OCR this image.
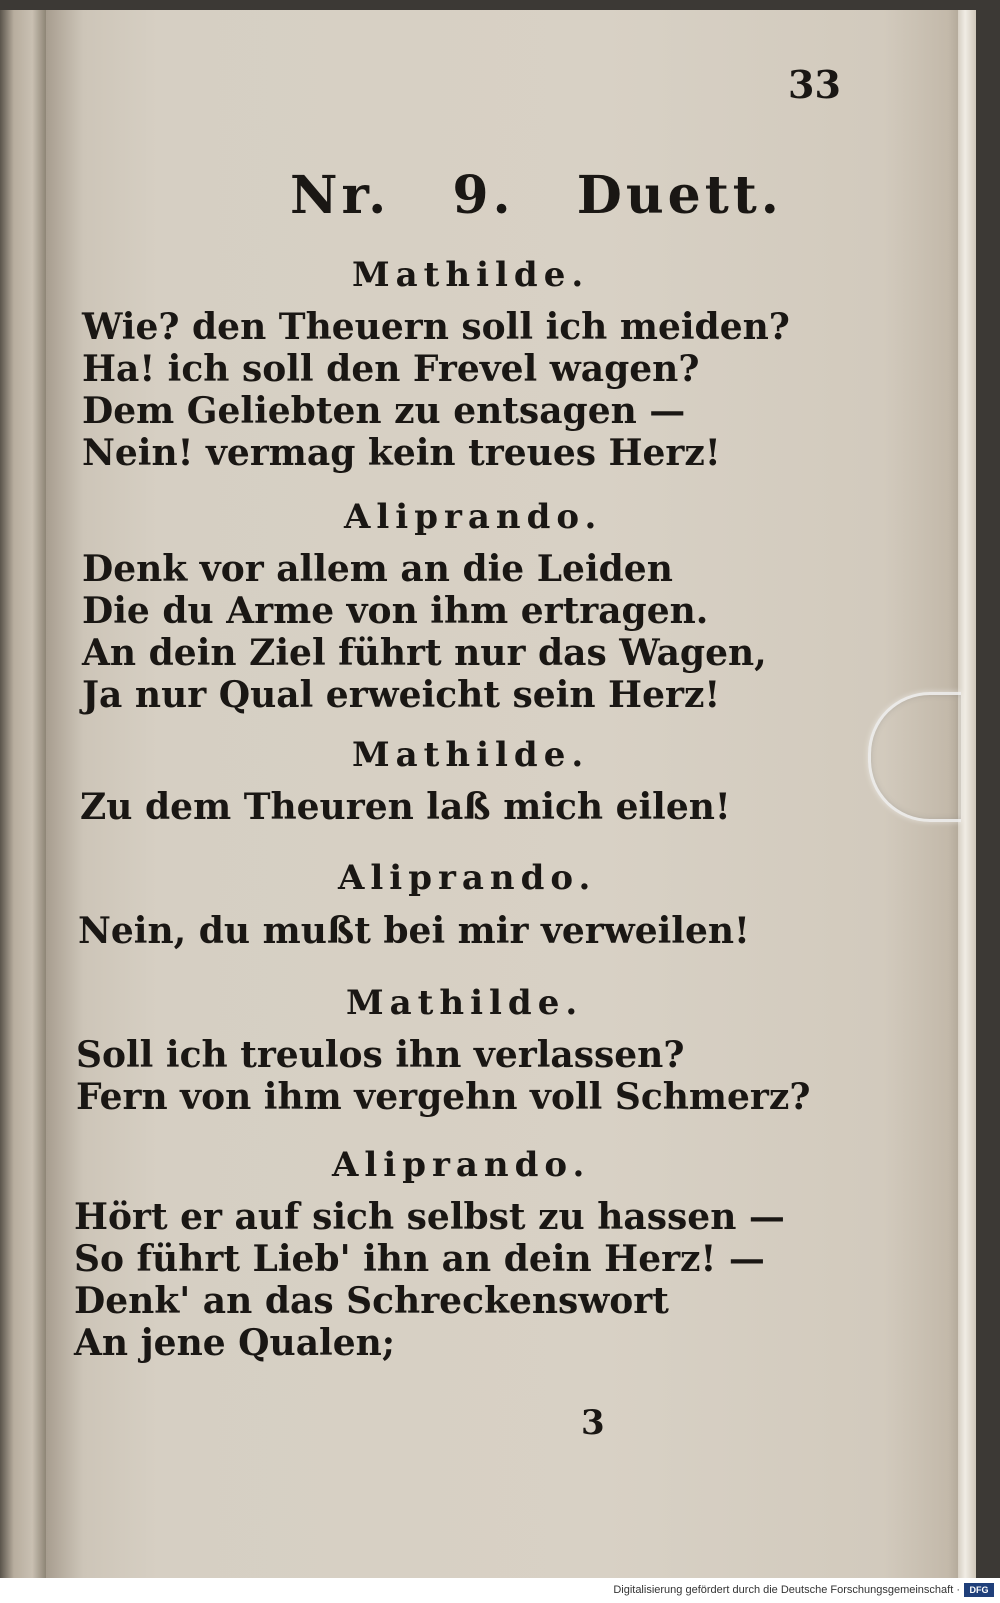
33
Nr. 9. Duett.
Mathilde.
Wie? den Theuern soll ich meiden?
Ha! ich soll den Frevel wagen?
Dem Geliebten zu entsagen —
Nein! vermag kein treues Herz!
Aliprando.
Denk vor allem an die Leiden
Die du Arme von ihm ertragen.
An dein Ziel führt nur das Wagen,
Ja nur Qual erweicht sein Herz!
Mathilde.
Zu dem Theuren laß mich eilen!
Aliprando.
Nein, du mußt bei mir verweilen!
Mathilde.
Soll ich treulos ihn verlassen?
Fern von ihm vergehn voll Schmerz?
Aliprando.
Hört er auf sich selbst zu hassen —
So führt Lieb' ihn an dein Herz! —
Denk' an das Schreckenswort
An jene Qualen;
3
Digitalisierung gefördert durch die Deutsche Forschungsgemeinschaft ·	DFG
